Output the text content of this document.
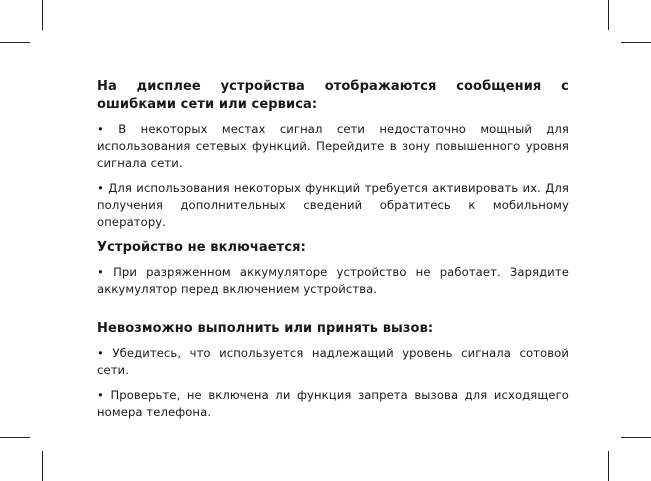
На дисплее устройства отображаются сообщения с ошибками сети или сервиса:

• В некоторых местах сигнал сети недостаточно мощный для использования сетевых функций. Перейдите в зону повышенного уровня сигнала сети.

• Для использования некоторых функций требуется активировать их. Для получения дополнительных сведений обратитесь к мобильному оператору.

Устройство не включается:

• При разряженном аккумуляторе устройство не работает. Зарядите аккумулятор перед включением устройства.

Невозможно выполнить или принять вызов:

• Убедитесь, что используется надлежащий уровень сигнала сотовой сети.

• Проверьте, не включена ли функция запрета вызова для исходящего номера телефона.
